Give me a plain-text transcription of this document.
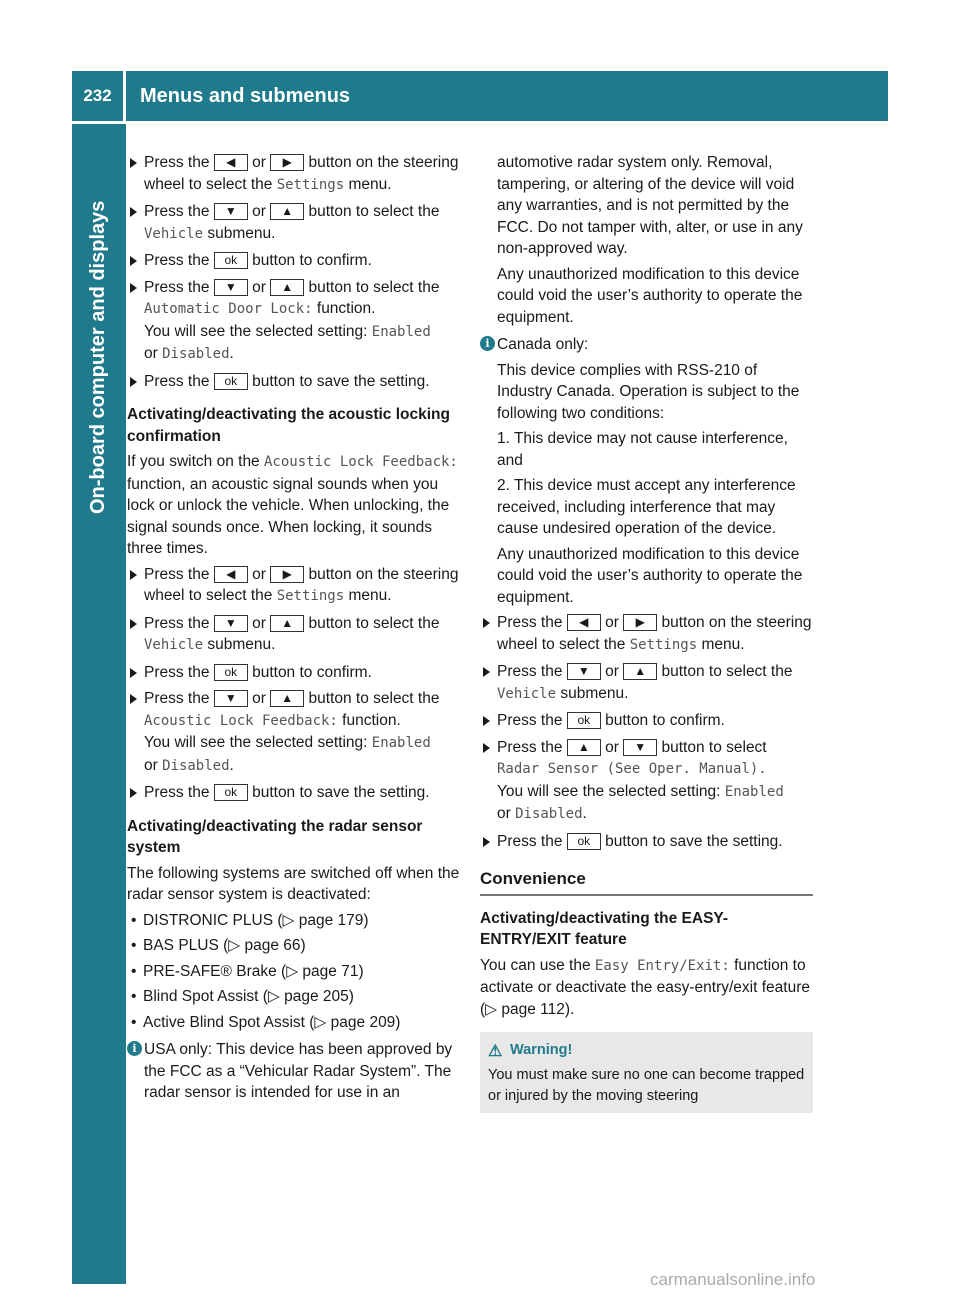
232	Menus and submenus
On-board computer and displays
Press the ◀ or ▶ button on the steering wheel to select the Settings menu.
Press the ▼ or ▲ button to select the Vehicle submenu.
Press the ok button to confirm.
Press the ▼ or ▲ button to select the Automatic Door Lock: function.
You will see the selected setting: Enabled
or Disabled.
Press the ok button to save the setting.
Activating/deactivating the acoustic locking confirmation

If you switch on the Acoustic Lock Feedback: function, an acoustic signal sounds when you lock or unlock the vehicle. When unlocking, the signal sounds once. When locking, it sounds three times.

Press the ◀ or ▶ button on the steering wheel to select the Settings menu.
Press the ▼ or ▲ button to select the Vehicle submenu.
Press the ok button to confirm.
Press the ▼ or ▲ button to select the Acoustic Lock Feedback: function.
You will see the selected setting: Enabled
or Disabled.
Press the ok button to save the setting.
Activating/deactivating the radar sensor system

The following systems are switched off when the radar sensor system is deactivated:

• DISTRONIC PLUS (▷ page 179)
• BAS PLUS (▷ page 66)
• PRE-SAFE® Brake (▷ page 71)
• Blind Spot Assist (▷ page 205)
• Active Blind Spot Assist (▷ page 209)
i USA only: This device has been approved by the FCC as a “Vehicular Radar System”. The radar sensor is intended for use in an

automotive radar system only. Removal, tampering, or altering of the device will void any warranties, and is not permitted by the FCC. Do not tamper with, alter, or use in any non-approved way.

Any unauthorized modification to this device could void the user’s authority to operate the equipment.

i Canada only:

This device complies with RSS-210 of Industry Canada. Operation is subject to the following two conditions:

1. This device may not cause interference, and

2. This device must accept any interference received, including interference that may cause undesired operation of the device.

Any unauthorized modification to this device could void the user’s authority to operate the equipment.

Press the ◀ or ▶ button on the steering wheel to select the Settings menu.
Press the ▼ or ▲ button to select the Vehicle submenu.
Press the ok button to confirm.
Press the ▲ or ▼ button to select Radar Sensor (See Oper. Manual).
You will see the selected setting: Enabled
or Disabled.
Press the ok button to save the setting.
Convenience
Activating/deactivating the EASY-ENTRY/EXIT feature

You can use the Easy Entry/Exit: function to activate or deactivate the easy-entry/exit feature (▷ page 112).

⚠ Warning!
You must make sure no one can become trapped or injured by the moving steering
carmanualsonline.info
